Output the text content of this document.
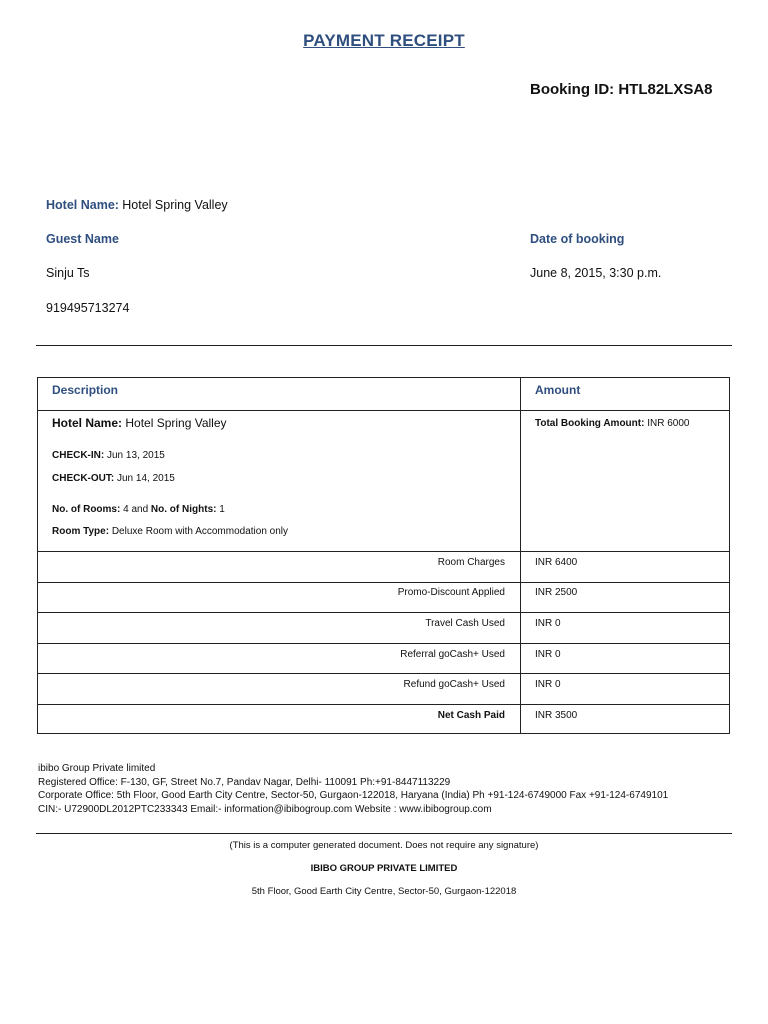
PAYMENT RECEIPT
Booking ID: HTL82LXSA8
Hotel Name: Hotel Spring Valley
Guest Name	Date of booking
Sinju Ts	June 8, 2015, 3:30 p.m.
919495713274
Description	Amount
Hotel Name: Hotel Spring Valley	Total Booking Amount: INR 6000
CHECK-IN: Jun 13, 2015
CHECK-OUT: Jun 14, 2015
No. of Rooms: 4 and No. of Nights: 1
Room Type: Deluxe Room with Accommodation only
Room Charges	INR 6400
Promo-Discount Applied	INR 2500
Travel Cash Used	INR 0
Referral goCash+ Used	INR 0
Refund goCash+ Used	INR 0
Net Cash Paid	INR 3500
ibibo Group Private limited
Registered Office: F-130, GF, Street No.7, Pandav Nagar, Delhi- 110091 Ph:+91-8447113229
Corporate Office: 5th Floor, Good Earth City Centre, Sector-50, Gurgaon-122018, Haryana (India) Ph +91-124-6749000 Fax +91-124-6749101
CIN:- U72900DL2012PTC233343 Email:- information@ibibogroup.com Website : www.ibibogroup.com
(This is a computer generated document. Does not require any signature)
IBIBO GROUP PRIVATE LIMITED
5th Floor, Good Earth City Centre, Sector-50, Gurgaon-122018
